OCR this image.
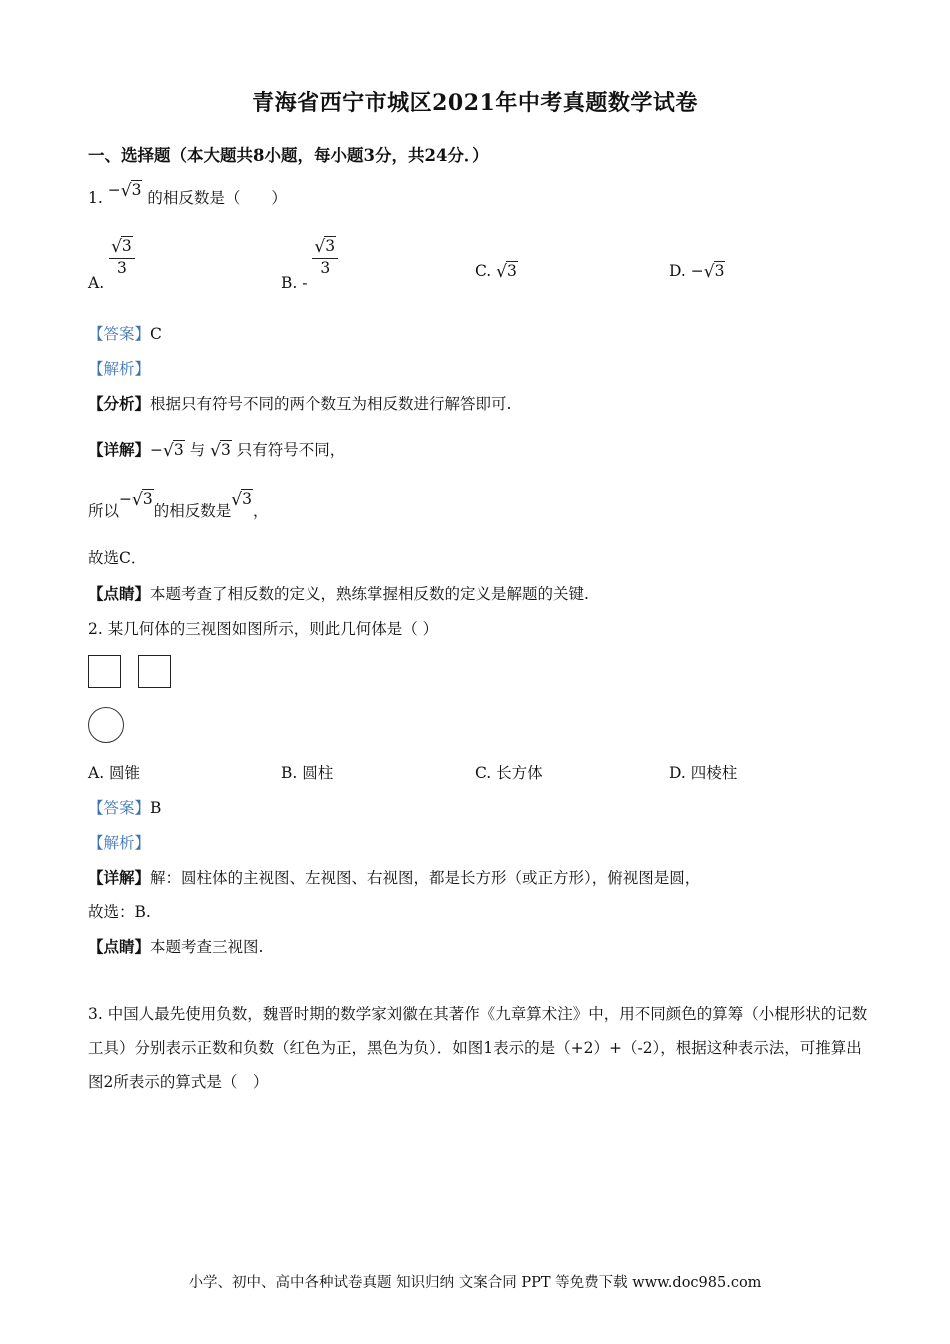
青海省西宁市城区2021年中考真题数学试卷
一、选择题（本大题共8小题，每小题3分，共24分．）
1. −√3 的相反数是（　　）
A.
$\frac{√3}{3}$
B. -
$\frac{√3}{3}$	C. √3	D. −√3
【答案】C
【解析】
【分析】根据只有符号不同的两个数互为相反数进行解答即可.
【详解】−√3 与 √3 只有符号不同，
所以−√3的相反数是√3，
故选C．
【点睛】本题考查了相反数的定义，熟练掌握相反数的定义是解题的关键.
2. 某几何体的三视图如图所示，则此几何体是（ ）
A. 圆锥	B. 圆柱	C. 长方体	D. 四棱柱
【答案】B
【解析】
【详解】解：圆柱体的主视图、左视图、右视图，都是长方形（或正方形），俯视图是圆，
故选：B.
【点睛】本题考查三视图.
3. 中国人最先使用负数，魏晋时期的数学家刘徽在其著作《九章算术注》中，用不同颜色的算筹（小棍形状的记数工具）分别表示正数和负数（红色为正，黑色为负）．如图1表示的是（+2）+（-2），根据这种表示法，可推算出图2所表示的算式是（　）
小学、初中、高中各种试卷真题 知识归纳 文案合同 PPT 等免费下载 www.doc985.com
